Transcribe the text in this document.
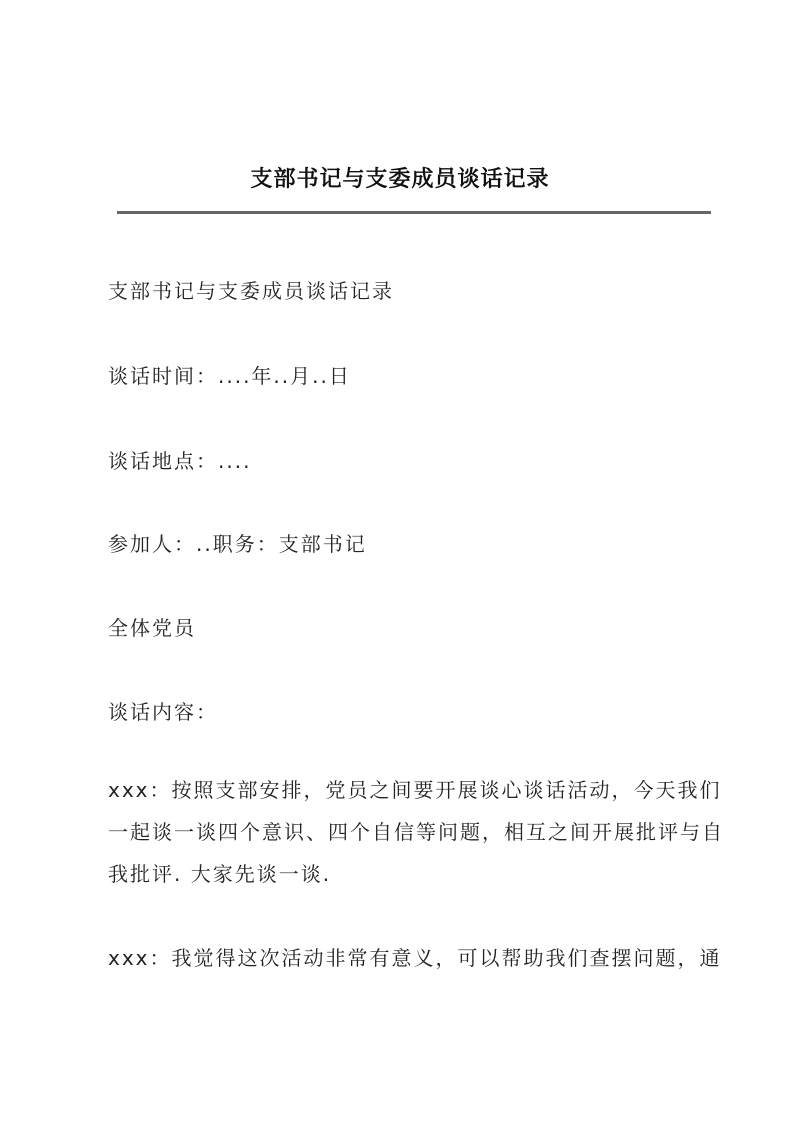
支部书记与支委成员谈话记录
支部书记与支委成员谈话记录
谈话时间：....年..月..日
谈话地点：....
参加人：..职务：支部书记
全体党员
谈话内容：

xxx：按照支部安排，党员之间要开展谈心谈话活动，今天我们

一起谈一谈四个意识、四个自信等问题，相互之间开展批评与自

我批评. 大家先谈一谈.

xxx：我觉得这次活动非常有意义，可以帮助我们查摆问题，通
